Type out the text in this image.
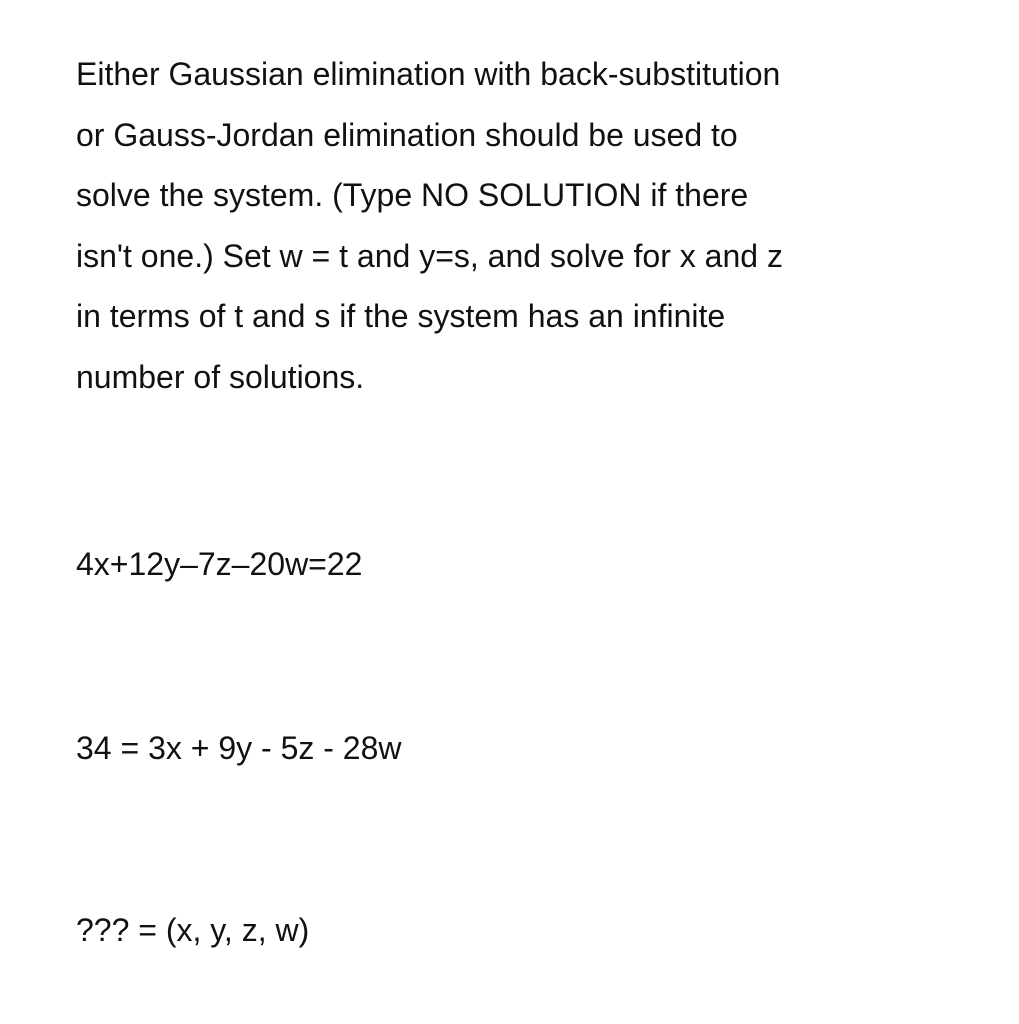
Either Gaussian elimination with back-substitution
or Gauss-Jordan elimination should be used to
solve the system. (Type NO SOLUTION if there
isn't one.) Set w = t and y=s, and solve for x and z
in terms of t and s if the system has an infinite
number of solutions.

4x+12y–7z–20w=22

34 = 3x + 9y - 5z - 28w

??? = (x, y, z, w)
